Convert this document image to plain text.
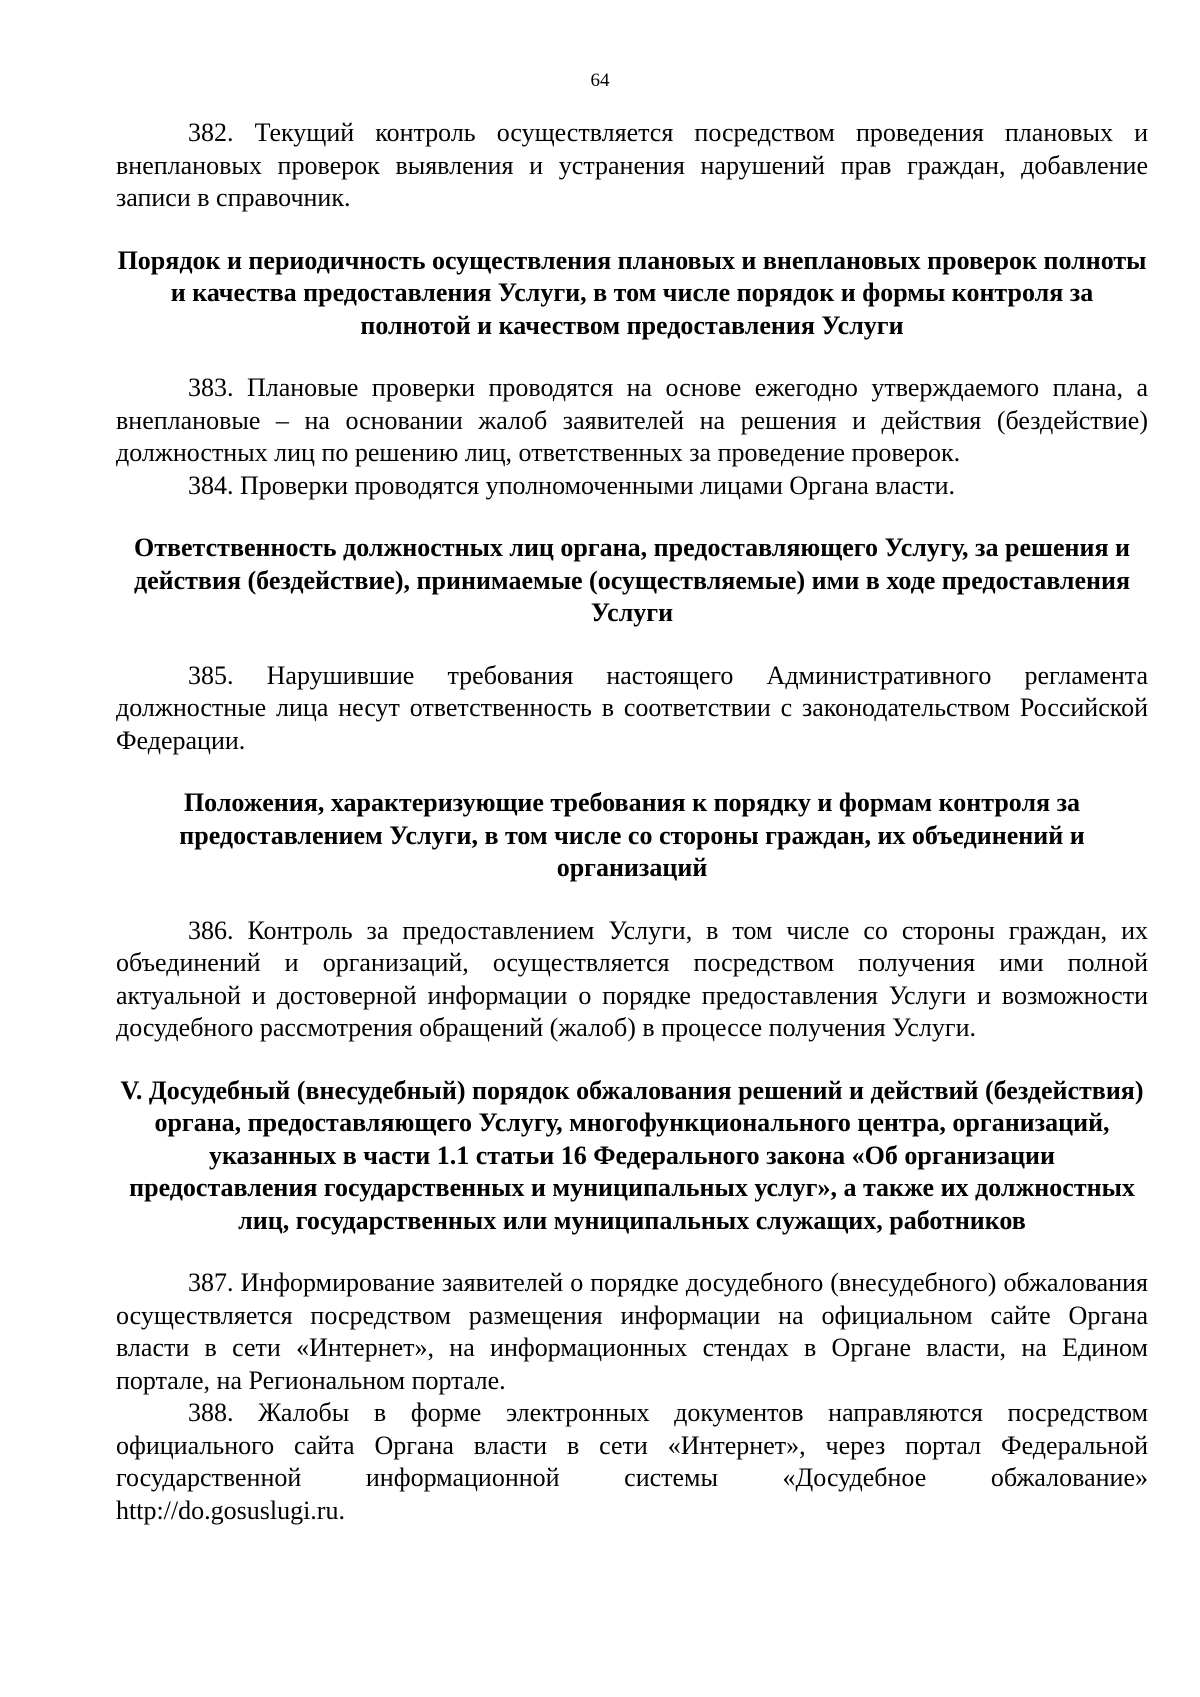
64

382. Текущий контроль осуществляется посредством проведения плановых и внеплановых проверок выявления и устранения нарушений прав граждан, добавление записи в справочник.

Порядок и периодичность осуществления плановых и внеплановых проверок полноты и качества предоставления Услуги, в том числе порядок и формы контроля за полнотой и качеством предоставления Услуги

383. Плановые проверки проводятся на основе ежегодно утверждаемого плана, а внеплановые – на основании жалоб заявителей на решения и действия (бездействие) должностных лиц по решению лиц, ответственных за проведение проверок.

384. Проверки проводятся уполномоченными лицами Органа власти.

Ответственность должностных лиц органа, предоставляющего Услугу, за решения и действия (бездействие), принимаемые (осуществляемые) ими в ходе предоставления Услуги

385. Нарушившие требования настоящего Административного регламента должностные лица несут ответственность в соответствии с законодательством Российской Федерации.

Положения, характеризующие требования к порядку и формам контроля за предоставлением Услуги, в том числе со стороны граждан, их объединений и организаций

386. Контроль за предоставлением Услуги, в том числе со стороны граждан, их объединений и организаций, осуществляется посредством получения ими полной актуальной и достоверной информации о порядке предоставления Услуги и возможности досудебного рассмотрения обращений (жалоб) в процессе получения Услуги.

V. Досудебный (внесудебный) порядок обжалования решений и действий (бездействия) органа, предоставляющего Услугу, многофункционального центра, организаций, указанных в части 1.1 статьи 16 Федерального закона «Об организации предоставления государственных и муниципальных услуг», а также их должностных лиц, государственных или муниципальных служащих, работников

387. Информирование заявителей о порядке досудебного (внесудебного) обжалования осуществляется посредством размещения информации на официальном сайте Органа власти в сети «Интернет», на информационных стендах в Органе власти, на Едином портале, на Региональном портале.

388. Жалобы в форме электронных документов направляются посредством официального сайта Органа власти в сети «Интернет», через портал Федеральной государственной информационной системы «Досудебное обжалование» http://do.gosuslugi.ru.
